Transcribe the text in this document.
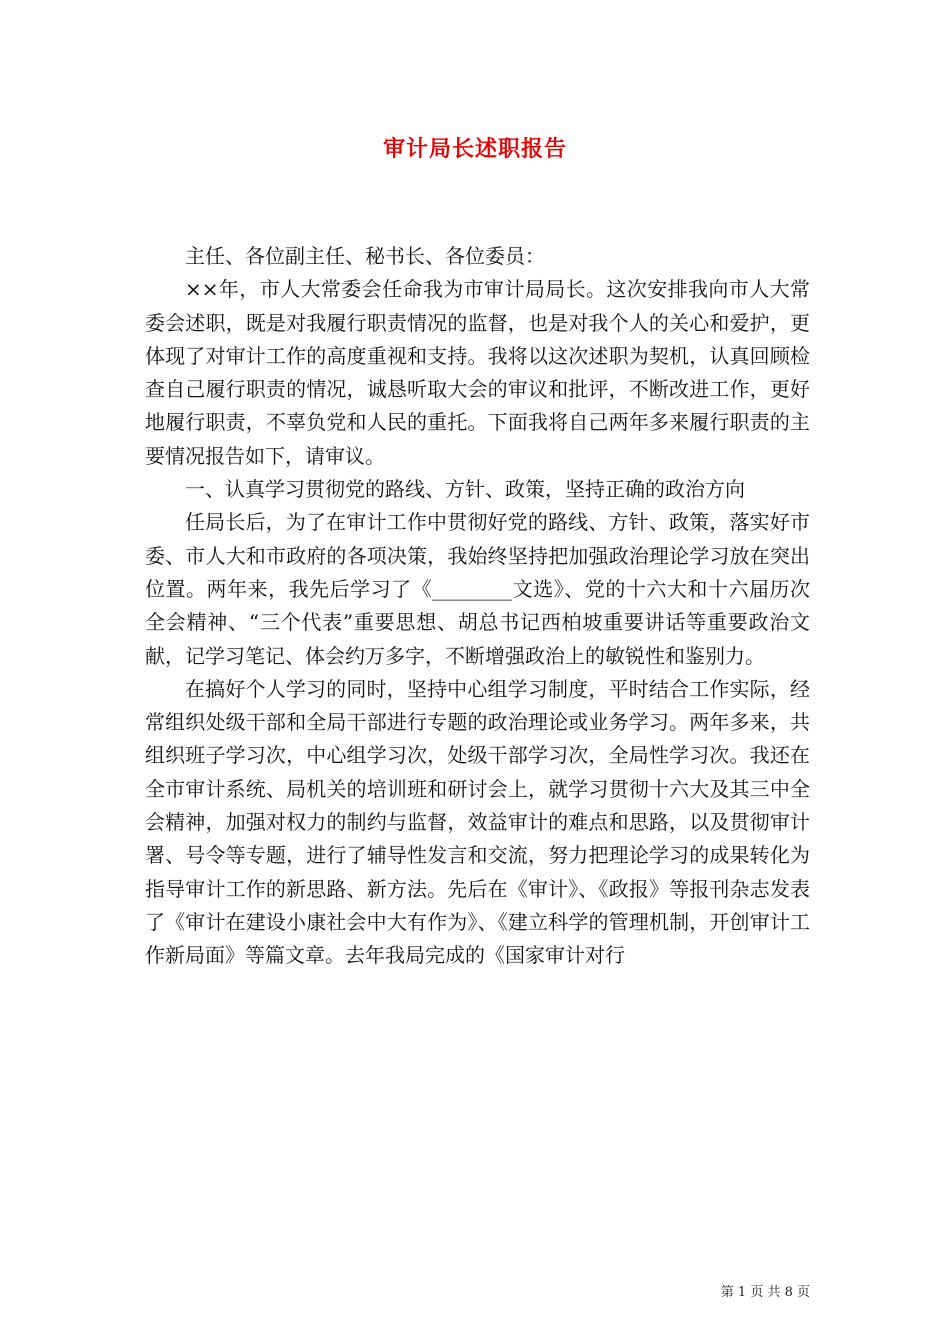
审计局长述职报告

主任、各位副主任、秘书长、各位委员：

××年，市人大常委会任命我为市审计局局长。这次安排我向市人大常委会述职，既是对我履行职责情况的监督，也是对我个人的关心和爱护，更体现了对审计工作的高度重视和支持。我将以这次述职为契机，认真回顾检查自己履行职责的情况，诚恳听取大会的审议和批评，不断改进工作，更好地履行职责，不辜负党和人民的重托。下面我将自己两年多来履行职责的主要情况报告如下，请审议。

一、认真学习贯彻党的路线、方针、政策，坚持正确的政治方向

任局长后，为了在审计工作中贯彻好党的路线、方针、政策，落实好市委、市人大和市政府的各项决策，我始终坚持把加强政治理论学习放在突出位置。两年来，我先后学习了《________文选》、党的十六大和十六届历次全会精神、“三个代表”重要思想、胡总书记西柏坡重要讲话等重要政治文献，记学习笔记、体会约万多字，不断增强政治上的敏锐性和鉴别力。

在搞好个人学习的同时，坚持中心组学习制度，平时结合工作实际，经常组织处级干部和全局干部进行专题的政治理论或业务学习。两年多来，共组织班子学习次，中心组学习次，处级干部学习次，全局性学习次。我还在全市审计系统、局机关的培训班和研讨会上，就学习贯彻十六大及其三中全会精神，加强对权力的制约与监督，效益审计的难点和思路，以及贯彻审计署、号令等专题，进行了辅导性发言和交流，努力把理论学习的成果转化为指导审计工作的新思路、新方法。先后在《审计》、《政报》等报刊杂志发表了《审计在建设小康社会中大有作为》、《建立科学的管理机制，开创审计工作新局面》等篇文章。去年我局完成的《国家审计对行

第 1 页 共 8 页
